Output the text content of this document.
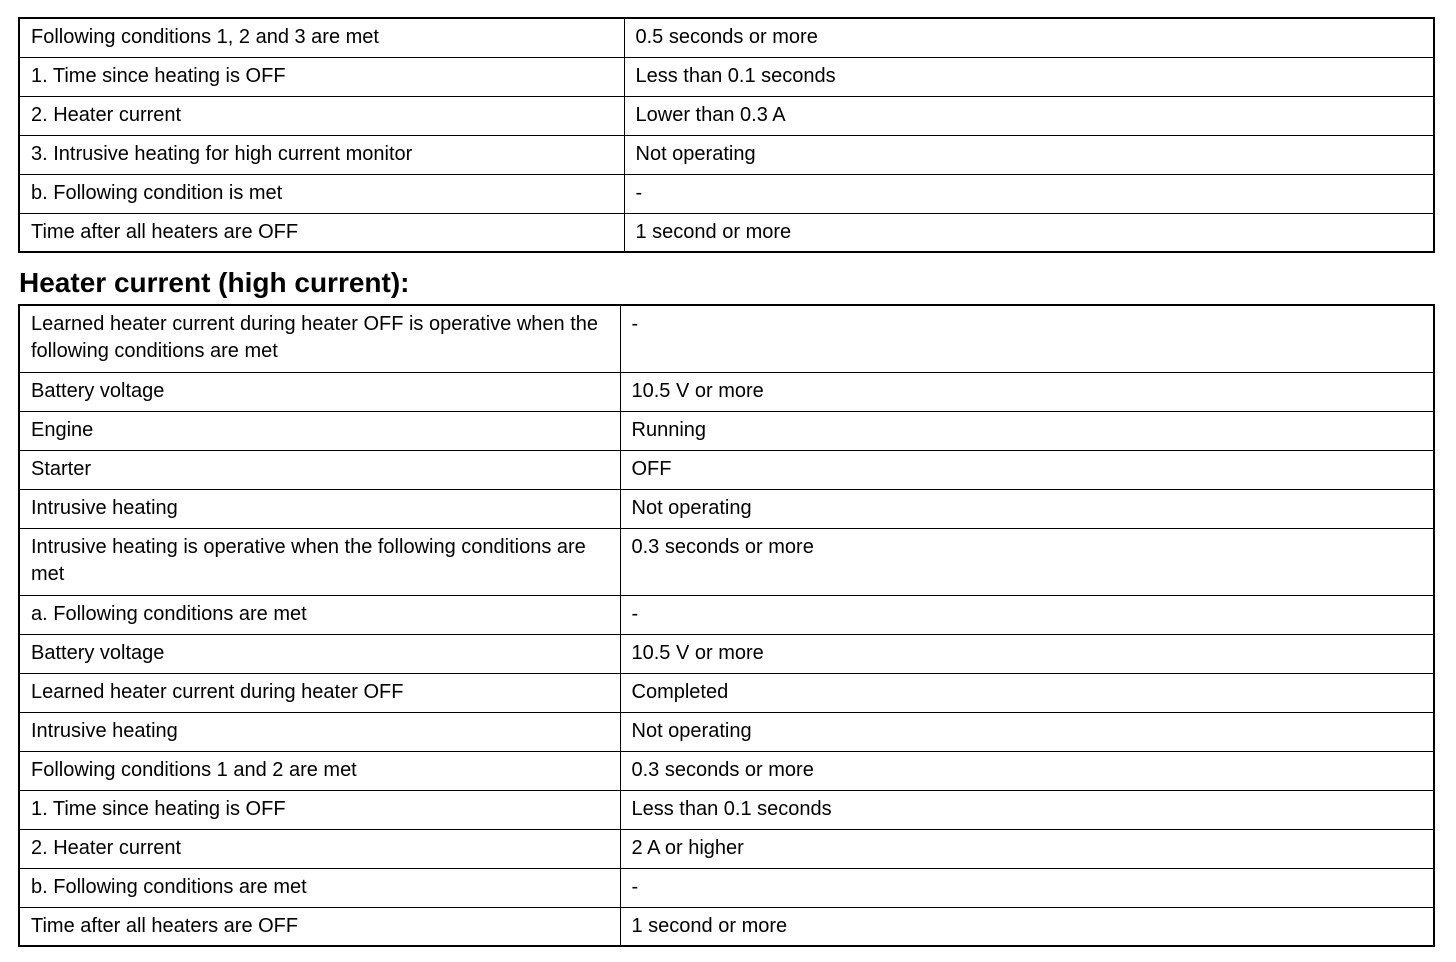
Following conditions 1, 2 and 3 are met	0.5 seconds or more
1. Time since heating is OFF	Less than 0.1 seconds
2. Heater current	Lower than 0.3 A
3. Intrusive heating for high current monitor	Not operating
b. Following condition is met	-
Time after all heaters are OFF	1 second or more
Heater current (high current):
Learned heater current during heater OFF is operative when the following conditions are met	-
Battery voltage	10.5 V or more
Engine	Running
Starter	OFF
Intrusive heating	Not operating
Intrusive heating is operative when the following conditions are met	0.3 seconds or more
a. Following conditions are met	-
Battery voltage	10.5 V or more
Learned heater current during heater OFF	Completed
Intrusive heating	Not operating
Following conditions 1 and 2 are met	0.3 seconds or more
1. Time since heating is OFF	Less than 0.1 seconds
2. Heater current	2 A or higher
b. Following conditions are met	-
Time after all heaters are OFF	1 second or more
